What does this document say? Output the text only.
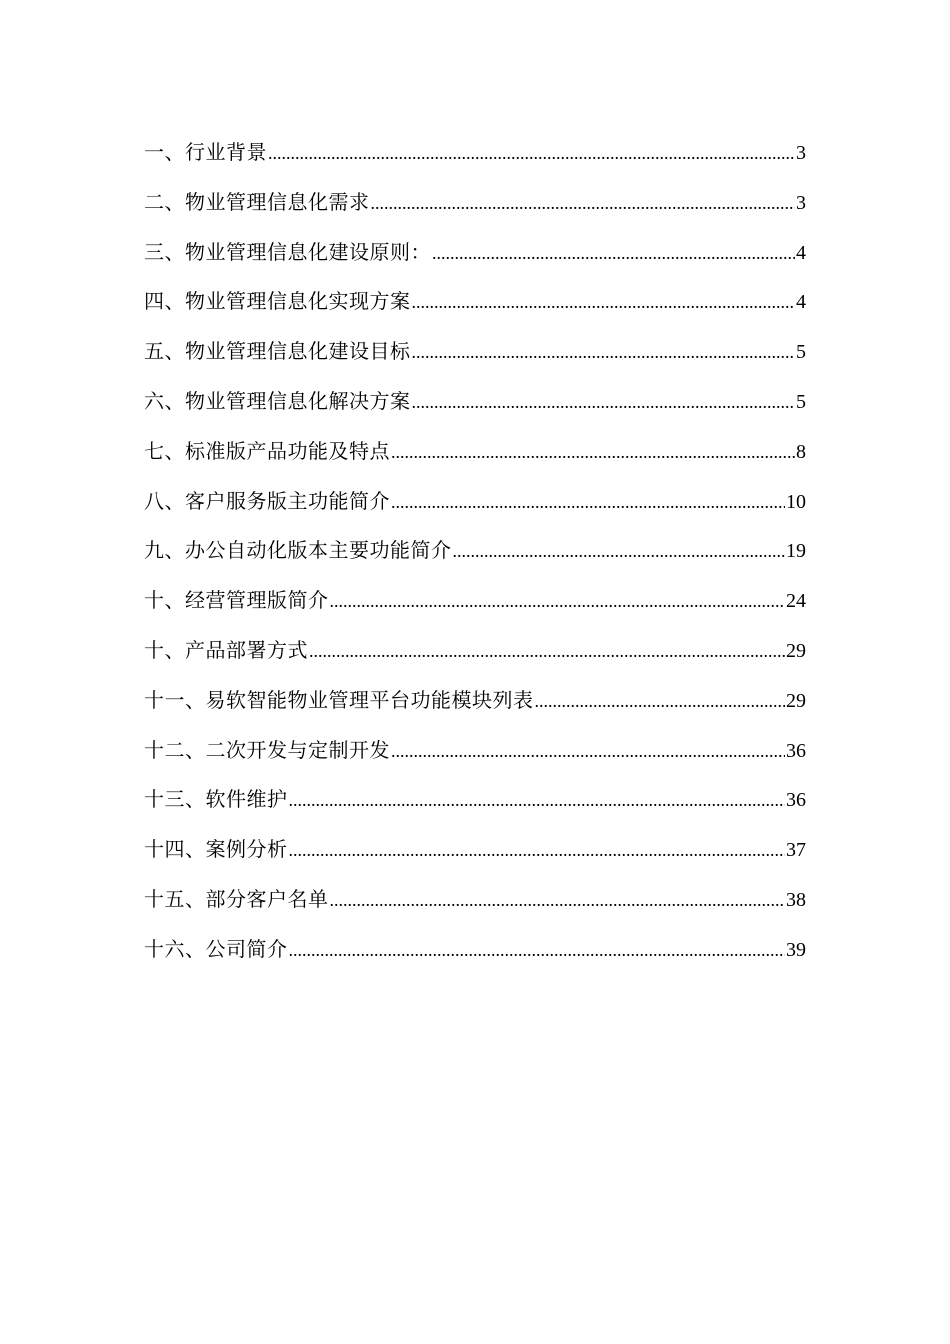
一、行业背景 .....	3
二、物业管理信息化需求 .....	3
三、物业管理信息化建设原则： .....	4
四、物业管理信息化实现方案 .....	4
五、物业管理信息化建设目标 .....	5
六、物业管理信息化解决方案 .....	5
七、标准版产品功能及特点 .....	8
八、客户服务版主功能简介 .....	10
九、办公自动化版本主要功能简介 .....	19
十、经营管理版简介 .....	24
十、产品部署方式 .....	29
十一、易软智能物业管理平台功能模块列表 .....	29
十二、二次开发与定制开发 .....	36
十三、软件维护 .....	36
十四、案例分析 .....	37
十五、部分客户名单 .....	38
十六、公司简介 .....	39
